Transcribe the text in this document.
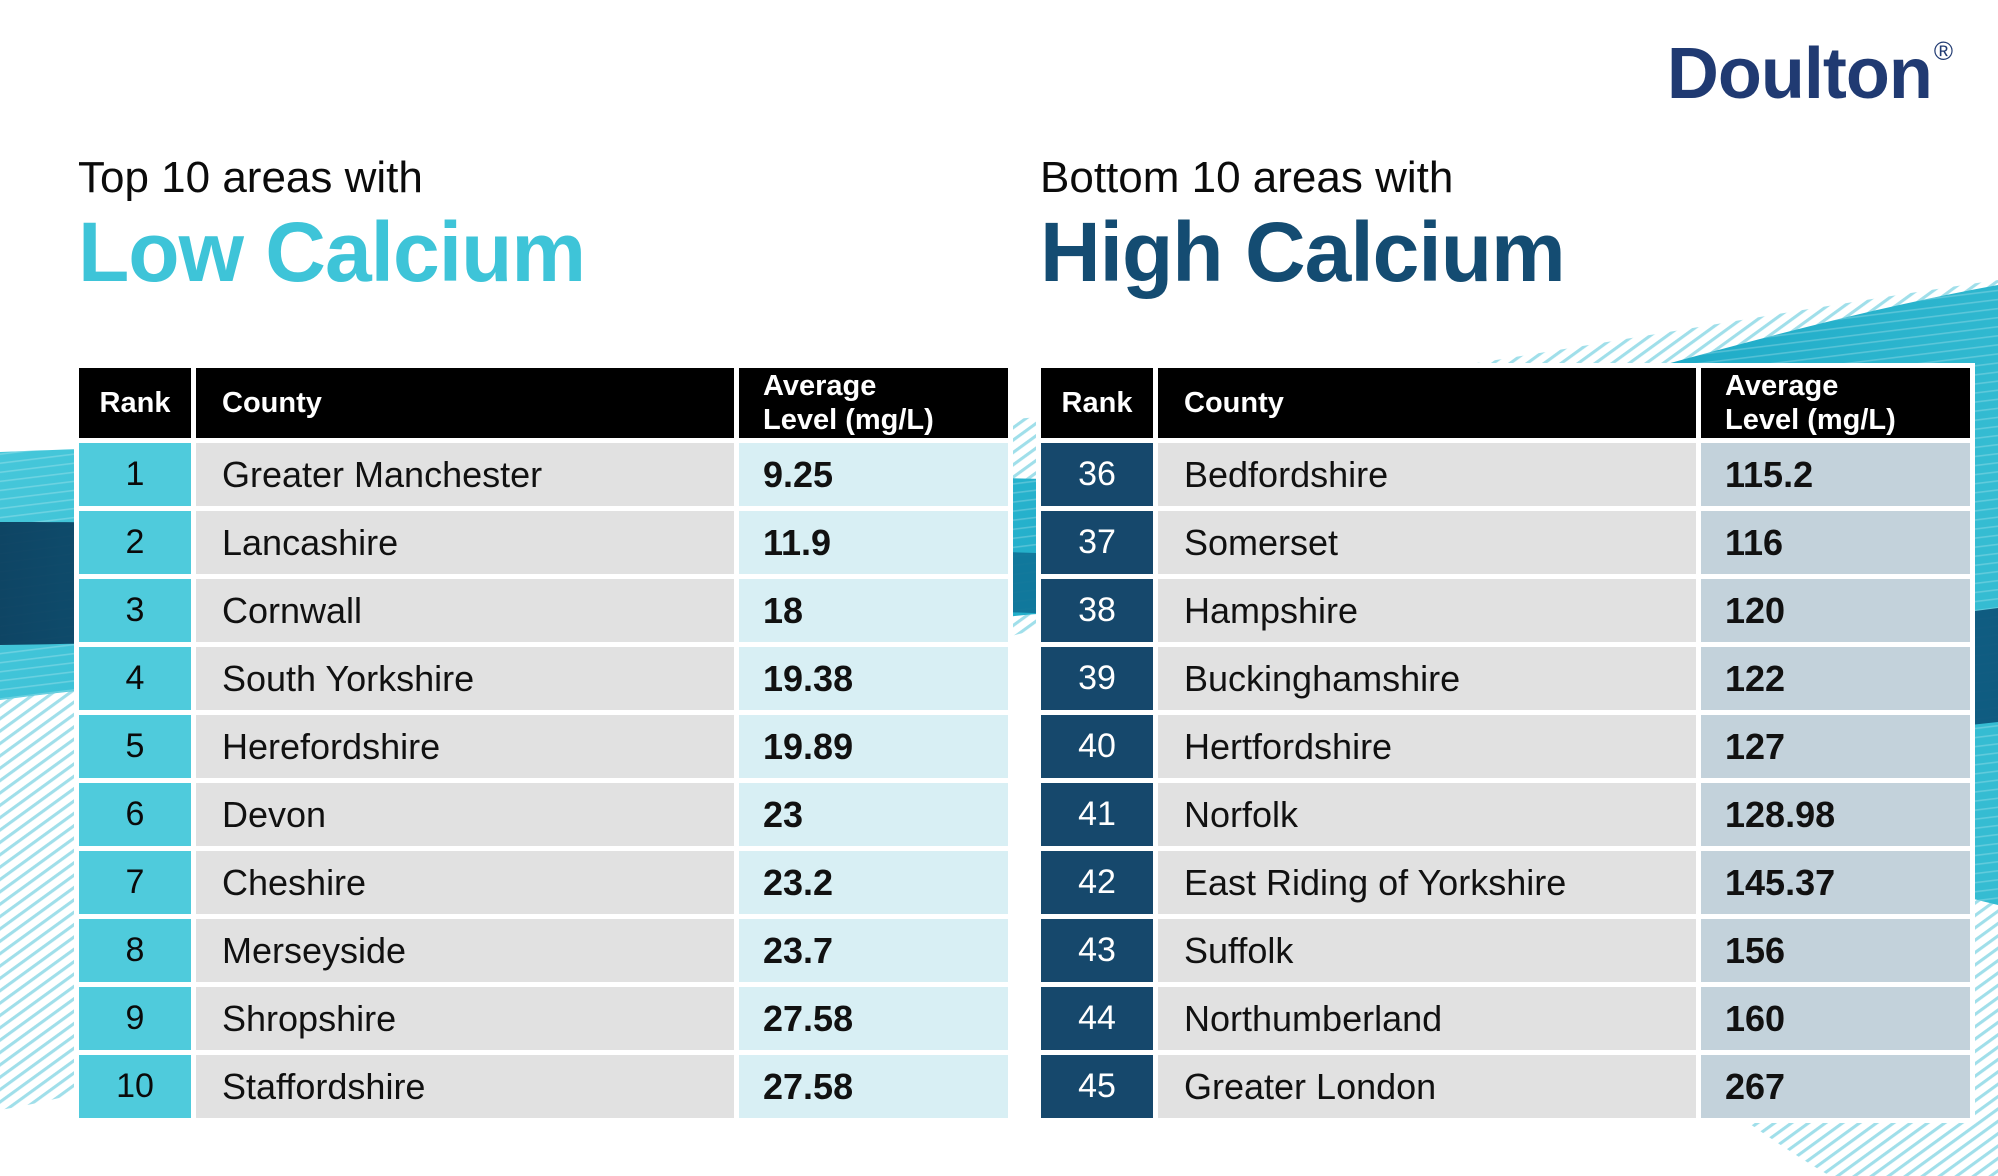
Doulton®
Top 10 areas with
Low Calcium
Bottom 10 areas with
High Calcium
Rank	County	Average Level (mg/L)

1	Greater Manchester	9.25
2	Lancashire	11.9
3	Cornwall	18
4	South Yorkshire	19.38
5	Herefordshire	19.89
6	Devon	23
7	Cheshire	23.2
8	Merseyside	23.7
9	Shropshire	27.58
10	Staffordshire	27.58
Rank	County	Average Level (mg/L)

36	Bedfordshire	115.2
37	Somerset	116
38	Hampshire	120
39	Buckinghamshire	122
40	Hertfordshire	127
41	Norfolk	128.98
42	East Riding of Yorkshire	145.37
43	Suffolk	156
44	Northumberland	160
45	Greater London	267
